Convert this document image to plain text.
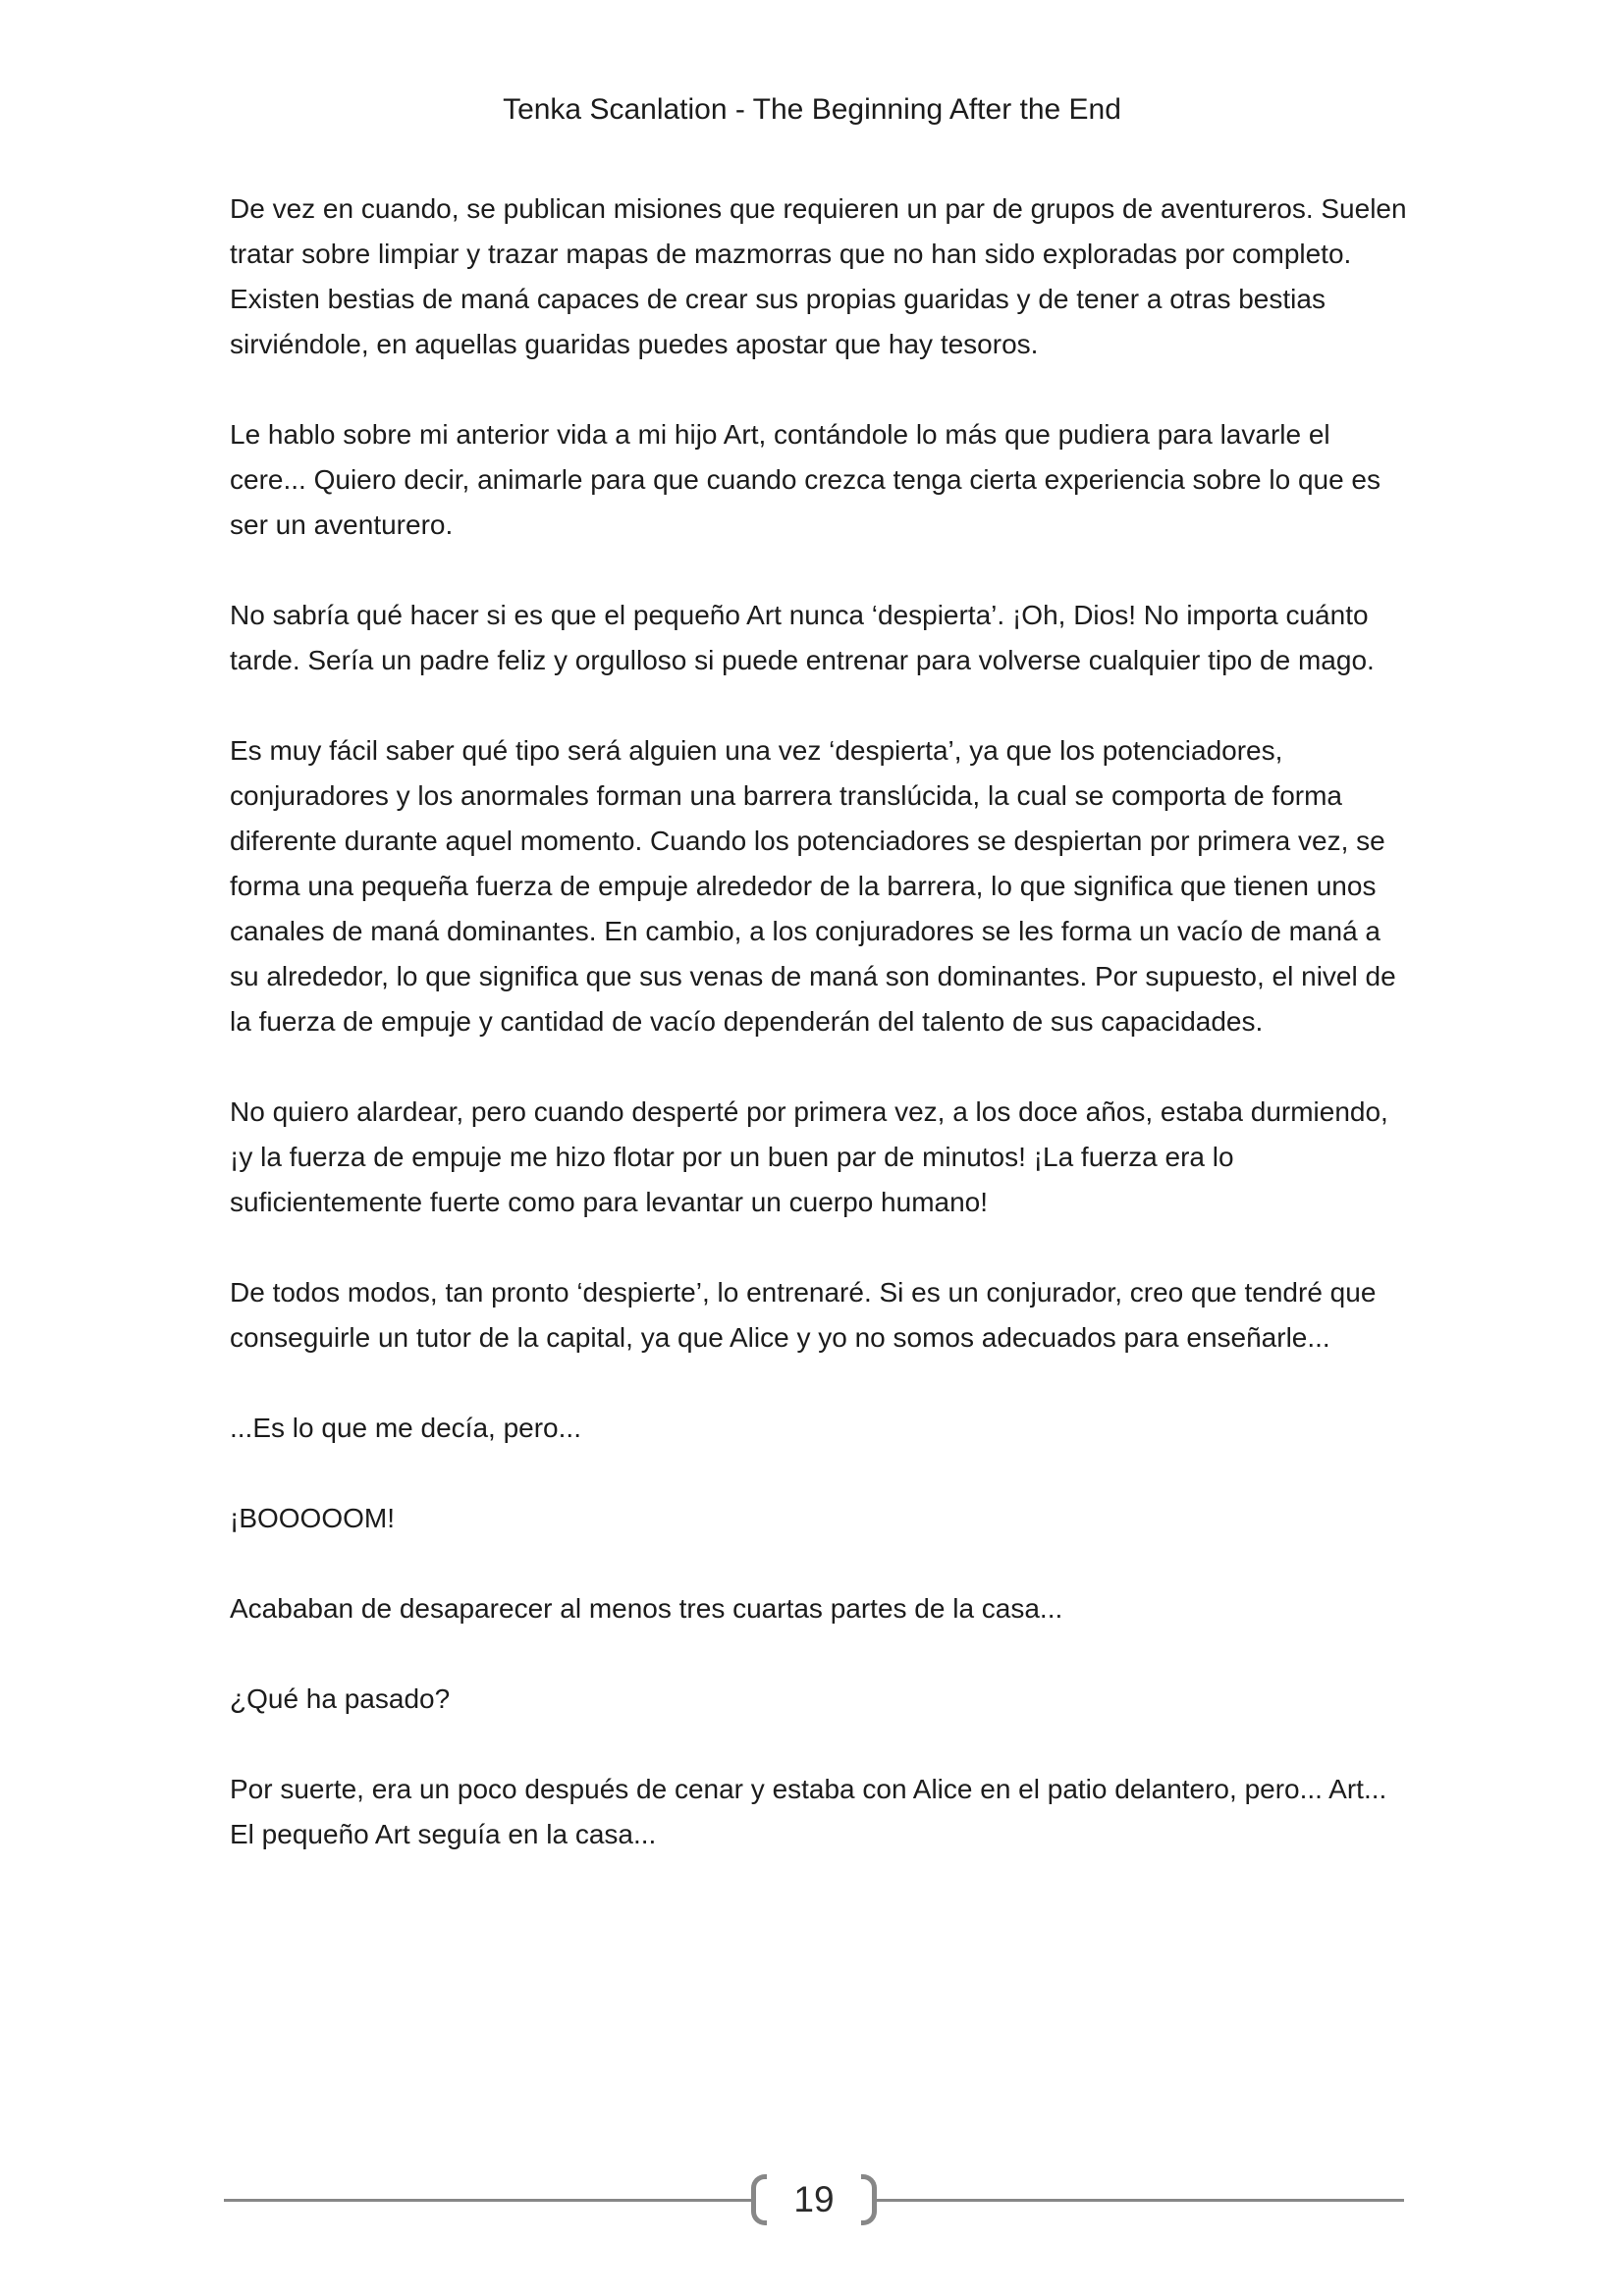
Tenka Scanlation - The Beginning After the End

De vez en cuando, se publican misiones que requieren un par de grupos de aventureros. Suelen tratar sobre limpiar y trazar mapas de mazmorras que no han sido exploradas por completo. Existen bestias de maná capaces de crear sus propias guaridas y de tener a otras bestias sirviéndole, en aquellas guaridas puedes apostar que hay tesoros.

Le hablo sobre mi anterior vida a mi hijo Art, contándole lo más que pudiera para lavarle el cere... Quiero decir, animarle para que cuando crezca tenga cierta experiencia sobre lo que es ser un aventurero.

No sabría qué hacer si es que el pequeño Art nunca ‘despierta’. ¡Oh, Dios! No importa cuánto tarde. Sería un padre feliz y orgulloso si puede entrenar para volverse cualquier tipo de mago.

Es muy fácil saber qué tipo será alguien una vez ‘despierta’, ya que los potenciadores, conjuradores y los anormales forman una barrera translúcida, la cual se comporta de forma diferente durante aquel momento. Cuando los potenciadores se despiertan por primera vez, se forma una pequeña fuerza de empuje alrededor de la barrera, lo que significa que tienen unos canales de maná dominantes. En cambio, a los conjuradores se les forma un vacío de maná a su alrededor, lo que significa que sus venas de maná son dominantes. Por supuesto, el nivel de la fuerza de empuje y cantidad de vacío dependerán del talento de sus capacidades.

No quiero alardear, pero cuando desperté por primera vez, a los doce años, estaba durmiendo, ¡y la fuerza de empuje me hizo flotar por un buen par de minutos! ¡La fuerza era lo suficientemente fuerte como para levantar un cuerpo humano!

De todos modos, tan pronto ‘despierte’, lo entrenaré. Si es un conjurador, creo que tendré que conseguirle un tutor de la capital, ya que Alice y yo no somos adecuados para enseñarle...

...Es lo que me decía, pero...

¡BOOOOOM!

Acababan de desaparecer al menos tres cuartas partes de la casa...

¿Qué ha pasado?

Por suerte, era un poco después de cenar y estaba con Alice en el patio delantero, pero... Art... El pequeño Art seguía en la casa...

19
